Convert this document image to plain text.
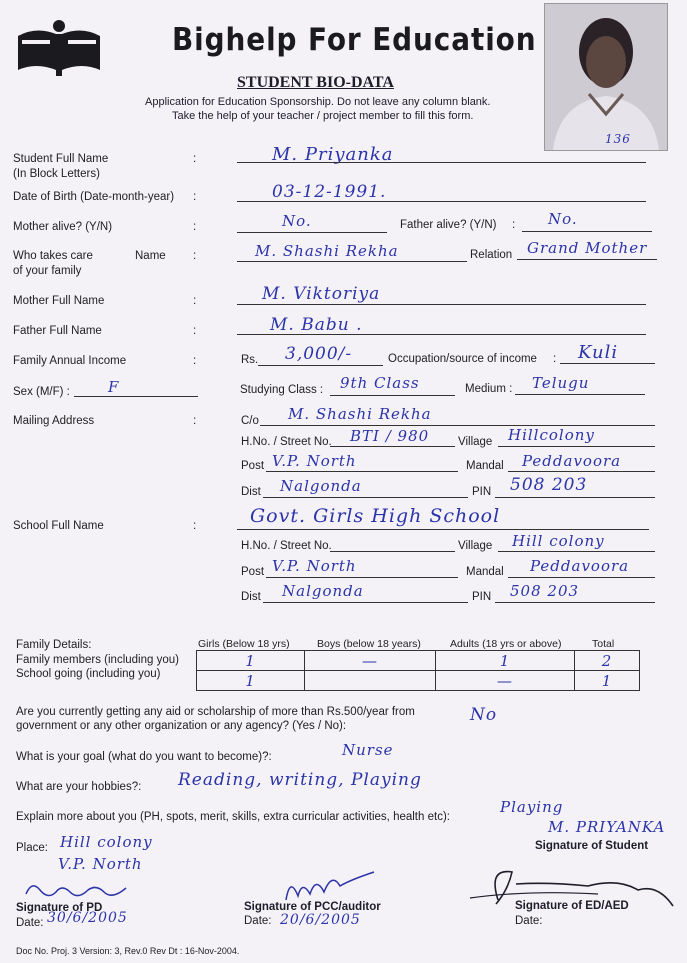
Bighelp For Education
STUDENT BIO-DATA
Application for Education Sponsorship. Do not leave any column blank.
Take the help of your teacher / project member to fill this form.
136
Student Full Name
(In Block Letters)
:	M. Priyanka
Date of Birth (Date-month-year) :	03-12-1991.
Mother alive? (Y/N)	:	No.	Father alive? (Y/N) : No.
Who takes care
of your family
Name :	M. Shashi Rekha	Relation Grand Mother
Mother Full Name	:	M. Viktoriya
Father Full Name	:	M. Babu .
Family Annual Income	:	Rs. 3,000/-	Occupation/source of income : Kuli
Sex (M/F) :	F	Studying Class : 9th Class	Medium : Telugu
Mailing Address	:	C/o M. Shashi Rekha
H.No. / Street No. BTI / 980	Village Hillcolony
Post V.P. North	Mandal Peddavoora
Dist Nalgonda	PIN 508 203
School Full Name	:	Govt. Girls High School
H.No. / Street No.	Village Hill colony
Post V.P. North	Mandal Peddavoora
Dist Nalgonda	PIN 508 203
Family Details:
Family members (including you)
School going (including you)
Girls (Below 18 yrs)	Boys (below 18 years)	Adults (18 yrs or above)	Total
1	—	1	2
1		—	1
Are you currently getting any aid or scholarship of more than Rs.500/year from
government or any other organization or any agency? (Yes / No):
No
What is your goal (what do you want to become)?:	Nurse
What are your hobbies?: Reading, writing, Playing
Explain more about you (PH, spots, merit, skills, extra curricular activities, health etc):
Playing
Place: Hill colony
V.P. North
M. PRIYANKA
Signature of Student
Signature of PD
Date: 30/6/2005
Signature of PCC/auditor
Date: 20/6/2005
Signature of ED/AED
Date:
Doc No. Proj. 3 Version: 3, Rev.0 Rev Dt : 16-Nov-2004.
